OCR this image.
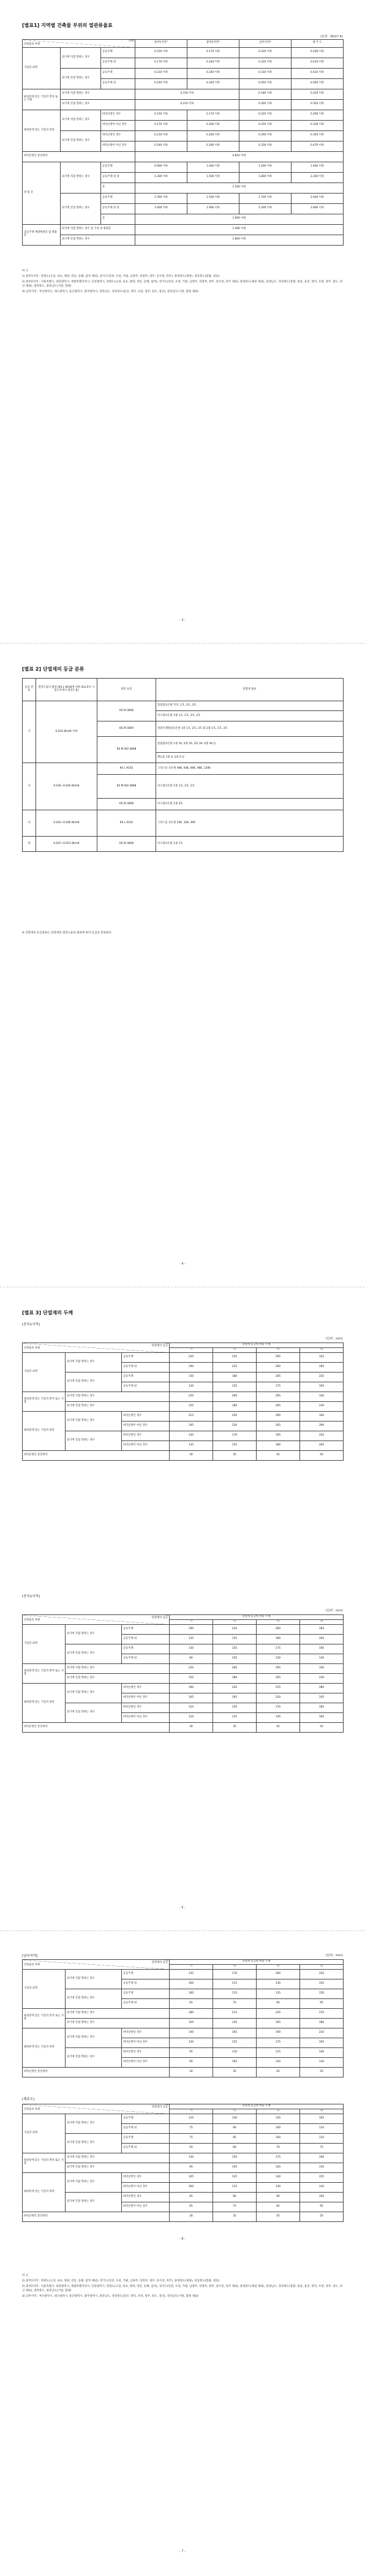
[별표1] 지역별 건축물 부위의 열관류율표
(단위 : W/m²·K)
지역
건축물의 부위			중부1지역¹⁾	중부2지역²⁾	남부지역³⁾	제 주 도
거실의 외벽	외기에 직접 면하는 경우	공동주택	0.150 이하	0.170 이하	0.220 이하	0.290 이하
		공동주택 외	0.170 이하	0.240 이하	0.320 이하	0.410 이하
	외기에 간접 면하는 경우	공동주택	0.210 이하	0.240 이하	0.310 이하	0.410 이하
		공동주택 외	0.240 이하	0.340 이하	0.450 이하	0.560 이하
최상층에 있는 거실의 반자 또는 지붕	외기에 직접 면하는 경우		0.150 이하		0.180 이하	0.250 이하
	외기에 간접 면하는 경우		0.210 이하		0.260 이하	0.350 이하
최하층에 있는 거실의 바닥	외기에 직접 면하는 경우	바닥난방인 경우	0.150 이하	0.170 이하	0.220 이하	0.290 이하
		바닥난방이 아닌 경우	0.170 이하	0.200 이하	0.250 이하	0.330 이하
	외기에 간접 면하는 경우	바닥난방인 경우	0.210 이하	0.240 이하	0.290 이하	0.350 이하
		바닥난방이 아닌 경우	0.240 이하	0.290 이하	0.330 이하	0.470 이하
바닥난방인 층간바닥			0.810 이하			
창 및 문	외기에 직접 면하는 경우	공동주택	0.900 이하	1.000 이하	1.200 이하	1.600 이하
		공동주택 외 창	1.300 이하	1.500 이하	1.800 이하	2.200 이하
		문	1.500 이하			
	외기에 간접 면하는 경우	공동주택	1.300 이하	1.500 이하	1.700 이하	2.000 이하
		공동주택 외 창	1.600 이하	1.900 이하	2.200 이하	2.800 이하
		문	1.900 이하			
공동주택 세대현관문 및 방화문	외기에 직접 면하는 경우 및 거실 내 방화문		1.400 이하			
	외기에 간접 면하는 경우		1.800 이하			
비 고
1) 중부1지역 : 강원도(고성, 속초, 양양, 강릉, 동해, 삼척 제외), 경기도(연천, 포천, 가평, 남양주, 의정부, 양주, 동두천, 파주), 충청북도(제천), 경상북도(봉화, 청송)
2) 중부2지역 : 서울특별시, 대전광역시, 세종특별자치시, 인천광역시, 강원도(고성, 속초, 양양, 강릉, 동해, 삼척), 경기도(연천, 포천, 가평, 남양주, 의정부, 양주, 동두천, 파주 제외), 충청북도(제천 제외), 충청남도, 경상북도(봉화, 청송, 울진, 영덕, 포항, 경주, 청도, 경산 제외), 전라북도, 경상남도(거창, 함양)
3) 남부지역 : 부산광역시, 대구광역시, 울산광역시, 광주광역시, 전라남도, 경상북도(울진, 영덕, 포항, 경주, 청도, 경산), 경상남도(거창, 함양 제외)
- 3 -
[별표 2] 단열재의 등급 분류
등급 분류	열전도율의 범위 (KS L 9016에 의한 20±5℃ 시험조건에서 열전도율)	관련 표준	단열재 종류
가	0.034 W/mK 이하	KS M 3808	압출법보온판 특호, 1호, 2호, 3호
			비드법보온판 2종 1호, 2호, 3호, 4호
		KS M 3809	경질우레탄폼보온판 1종 1호, 2호, 3호 및 2종 1호, 2호, 3호
		KS M ISO 4898	압출법보온판 1종 1A, 2종 2A, 3종 3A, 4종 4A 등
			페놀폼 1종 A, 2종 A 등
나	0.035~0.040 W/mK	KS L 9102	그라스울 보온판 48K, 64K, 80K, 96K, 120K
		KS M ISO 4898	비드법보온판 1종 1호, 2호, 3호
		KS M 3808	비드법보온판 1종 4호
다	0.041~0.046 W/mK	KS L 9102	그라스울 보온판 24K, 32K, 40K
라	0.047~0.051 W/mK	KS M 3808	비드법보온판 1종 1호
※ 단열재의 등급분류는 단열재의 열전도율의 범위에 따라 등급을 분류한다.
- 4 -
[별표 3] 단열재의 두께
[중부1지역]
(단위 : mm)
단열재의 등급
건축물의 부위			단열재 등급별 허용 두께			
			가	나	다	라
거실의 외벽	외기에 직접 면하는 경우	공동주택	220	255	295	325
		공동주택 외	190	225	260	285
	외기에 간접 면하는 경우	공동주택	150	180	205	225
		공동주택 외	130	155	175	195
최상층에 있는 거실의 반자 또는 지붕	외기에 직접 면하는 경우		220	260	295	330
	외기에 간접 면하는 경우		155	180	205	230
최하층에 있는 거실의 바닥	외기에 직접 면하는 경우	바닥난방인 경우	215	250	290	320
		바닥난방이 아닌 경우	195	230	265	290
	외기에 간접 면하는 경우	바닥난방인 경우	145	170	195	220
		바닥난방이 아닌 경우	135	155	180	200
바닥난방인 층간바닥			30	35	45	50
[중부2지역]
(단위 : mm)
단열재의 등급
건축물의 부위			단열재 등급별 허용 두께			
			가	나	다	라
거실의 외벽	외기에 직접 면하는 경우	공동주택	190	225	260	285
		공동주택 외	135	155	180	200
	외기에 간접 면하는 경우	공동주택	130	155	175	195
		공동주택 외	90	105	120	130
최상층에 있는 거실의 반자 또는 지붕	외기에 직접 면하는 경우		220	260	295	330
	외기에 간접 면하는 경우		155	180	205	230
최하층에 있는 거실의 바닥	외기에 직접 면하는 경우	바닥난방인 경우	190	220	255	280
		바닥난방이 아닌 경우	165	195	220	245
	외기에 간접 면하는 경우	바닥난방인 경우	125	150	170	185
		바닥난방이 아닌 경우	110	125	145	160
바닥난방인 층간바닥			30	35	45	50
- 5 -
[남부지역]	(단위 : mm)
단열재의 등급
건축물의 부위			단열재 등급별 허용 두께			
			가	나	다	라
거실의 외벽	외기에 직접 면하는 경우	공동주택	145	170	200	220
		공동주택 외	100	115	130	145
	외기에 간접 면하는 경우	공동주택	100	115	135	150
		공동주택 외	65	75	90	95
최상층에 있는 거실의 반자 또는 지붕	외기에 직접 면하는 경우		180	215	245	270
	외기에 간접 면하는 경우		120	145	165	180
최하층에 있는 거실의 바닥	외기에 직접 면하는 경우	바닥난방인 경우	140	165	190	210
		바닥난방이 아닌 경우	130	155	175	195
	외기에 간접 면하는 경우	바닥난방인 경우	95	110	125	140
		바닥난방이 아닌 경우	90	105	120	130
바닥난방인 층간바닥			30	35	45	50
[제주도]
단열재의 등급
건축물의 부위			단열재 등급별 허용 두께			
			가	나	다	라
거실의 외벽	외기에 직접 면하는 경우	공동주택	110	130	145	165
		공동주택 외	75	90	100	110
	외기에 간접 면하는 경우	공동주택	75	85	100	110
		공동주택 외	50	60	70	75
최상층에 있는 거실의 반자 또는 지붕	외기에 직접 면하는 경우		130	150	175	190
	외기에 간접 면하는 경우		90	105	120	130
최하층에 있는 거실의 바닥	외기에 직접 면하는 경우	바닥난방인 경우	105	125	140	155
		바닥난방이 아닌 경우	100	115	130	145
	외기에 간접 면하는 경우	바닥난방인 경우	65	80	90	100
		바닥난방이 아닌 경우	65	75	85	95
바닥난방인 층간바닥			30	35	45	50
비 고
1) 중부1지역 : 강원도(고성, 속초, 양양, 강릉, 동해, 삼척 제외), 경기도(연천, 포천, 가평, 남양주, 의정부, 양주, 동두천, 파주), 충청북도(제천), 경상북도(봉화, 청송)
2) 중부2지역 : 서울특별시, 대전광역시, 세종특별자치시, 인천광역시, 강원도(고성, 속초, 양양, 강릉, 동해, 삼척), 경기도(연천, 포천, 가평, 남양주, 의정부, 양주, 동두천, 파주 제외), 충청북도(제천 제외), 충청남도, 경상북도(봉화, 청송, 울진, 영덕, 포항, 경주, 청도, 경산 제외), 전라북도, 경상남도(거창, 함양)
3) 남부지역 : 부산광역시, 대구광역시, 울산광역시, 광주광역시, 전라남도, 경상북도(울진, 영덕, 포항, 경주, 청도, 경산), 경상남도(거창, 함양 제외)
- 6 -
- 7 -
